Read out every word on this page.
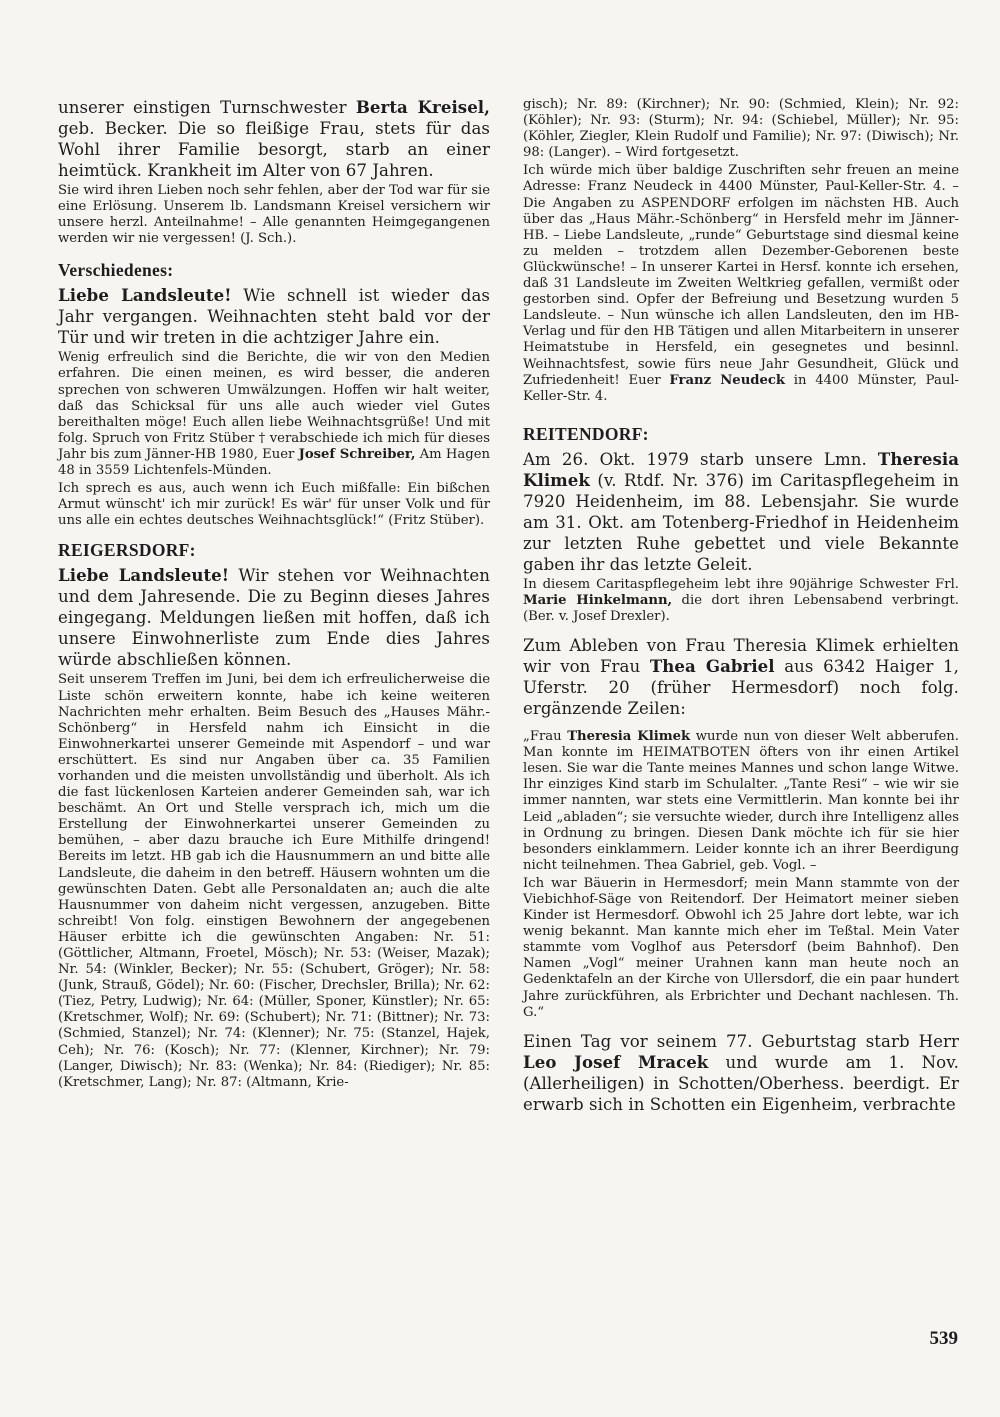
unserer einstigen Turnschwester Berta Kreisel, geb. Becker. Die so fleißige Frau, stets für das Wohl ihrer Familie besorgt, starb an einer heimtück. Krankheit im Alter von 67 Jahren.

Sie wird ihren Lieben noch sehr fehlen, aber der Tod war für sie eine Erlösung. Unserem lb. Landsmann Kreisel versichern wir unsere herzl. Anteilnahme! – Alle genannten Heimgegangenen werden wir nie vergessen! (J. Sch.).

Verschiedenes:

Liebe Landsleute! Wie schnell ist wieder das Jahr vergangen. Weihnachten steht bald vor der Tür und wir treten in die achtziger Jahre ein.

Wenig erfreulich sind die Berichte, die wir von den Medien erfahren. Die einen meinen, es wird besser, die anderen sprechen von schweren Umwälzungen. Hoffen wir halt weiter, daß das Schicksal für uns alle auch wieder viel Gutes bereithalten möge! Euch allen liebe Weihnachtsgrüße! Und mit folg. Spruch von Fritz Stüber † verabschiede ich mich für dieses Jahr bis zum Jänner-HB 1980, Euer Josef Schreiber, Am Hagen 48 in 3559 Lichtenfels-Münden.

Ich sprech es aus, auch wenn ich Euch mißfalle: Ein bißchen Armut wünscht' ich mir zurück! Es wär' für unser Volk und für uns alle ein echtes deutsches Weihnachtsglück!“ (Fritz Stüber).

REIGERSDORF:

Liebe Landsleute! Wir stehen vor Weihnachten und dem Jahresende. Die zu Beginn dieses Jahres eingegang. Meldungen ließen mit hoffen, daß ich unsere Einwohnerliste zum Ende dies Jahres würde abschließen können.

Seit unserem Treffen im Juni, bei dem ich erfreulicherweise die Liste schön erweitern konnte, habe ich keine weiteren Nachrichten mehr erhalten. Beim Besuch des „Hauses Mähr.-Schönberg“ in Hersfeld nahm ich Einsicht in die Einwohnerkartei unserer Gemeinde mit Aspendorf – und war erschüttert. Es sind nur Angaben über ca. 35 Familien vorhanden und die meisten unvollständig und überholt. Als ich die fast lückenlosen Karteien anderer Gemeinden sah, war ich beschämt. An Ort und Stelle versprach ich, mich um die Erstellung der Einwohnerkartei unserer Gemeinden zu bemühen, – aber dazu brauche ich Eure Mithilfe dringend! Bereits im letzt. HB gab ich die Hausnummern an und bitte alle Landsleute, die daheim in den betreff. Häusern wohnten um die gewünschten Daten. Gebt alle Personaldaten an; auch die alte Hausnummer von daheim nicht vergessen, anzugeben. Bitte schreibt! Von folg. einstigen Bewohnern der angegebenen Häuser erbitte ich die gewünschten Angaben: Nr. 51: (Göttlicher, Altmann, Froetel, Mösch); Nr. 53: (Weiser, Mazak); Nr. 54: (Winkler, Becker); Nr. 55: (Schubert, Gröger); Nr. 58: (Junk, Strauß, Gödel); Nr. 60: (Fischer, Drechsler, Brilla); Nr. 62: (Tiez, Petry, Ludwig); Nr. 64: (Müller, Sponer, Künstler); Nr. 65: (Kretschmer, Wolf); Nr. 69: (Schubert); Nr. 71: (Bittner); Nr. 73: (Schmied, Stanzel); Nr. 74: (Klenner); Nr. 75: (Stanzel, Hajek, Ceh); Nr. 76: (Kosch); Nr. 77: (Klenner, Kirchner); Nr. 79: (Langer, Diwisch); Nr. 83: (Wenka); Nr. 84: (Riediger); Nr. 85: (Kretschmer, Lang); Nr. 87: (Altmann, Krie-

gisch); Nr. 89: (Kirchner); Nr. 90: (Schmied, Klein); Nr. 92: (Köhler); Nr. 93: (Sturm); Nr. 94: (Schiebel, Müller); Nr. 95: (Köhler, Ziegler, Klein Rudolf und Familie); Nr. 97: (Diwisch); Nr. 98: (Langer). – Wird fortgesetzt.

Ich würde mich über baldige Zuschriften sehr freuen an meine Adresse: Franz Neudeck in 4400 Münster, Paul-Keller-Str. 4. – Die Angaben zu ASPENDORF erfolgen im nächsten HB. Auch über das „Haus Mähr.-Schönberg“ in Hersfeld mehr im Jänner-HB. – Liebe Landsleute, „runde“ Geburtstage sind diesmal keine zu melden – trotzdem allen Dezember-Geborenen beste Glückwünsche! – In unserer Kartei in Hersf. konnte ich ersehen, daß 31 Landsleute im Zweiten Weltkrieg gefallen, vermißt oder gestorben sind. Opfer der Befreiung und Besetzung wurden 5 Landsleute. – Nun wünsche ich allen Landsleuten, den im HB-Verlag und für den HB Tätigen und allen Mitarbeitern in unserer Heimatstube in Hersfeld, ein gesegnetes und besinnl. Weihnachtsfest, sowie fürs neue Jahr Gesundheit, Glück und Zufriedenheit! Euer Franz Neudeck in 4400 Münster, Paul-Keller-Str. 4.

REITENDORF:

Am 26. Okt. 1979 starb unsere Lmn. Theresia Klimek (v. Rtdf. Nr. 376) im Caritaspflegeheim in 7920 Heidenheim, im 88. Lebensjahr. Sie wurde am 31. Okt. am Totenberg-Friedhof in Heidenheim zur letzten Ruhe gebettet und viele Bekannte gaben ihr das letzte Geleit.

In diesem Caritaspflegeheim lebt ihre 90jährige Schwester Frl. Marie Hinkelmann, die dort ihren Lebensabend verbringt. (Ber. v. Josef Drexler).

Zum Ableben von Frau Theresia Klimek erhielten wir von Frau Thea Gabriel aus 6342 Haiger 1, Uferstr. 20 (früher Hermesdorf) noch folg. ergänzende Zeilen:

„Frau Theresia Klimek wurde nun von dieser Welt abberufen. Man konnte im HEIMATBOTEN öfters von ihr einen Artikel lesen. Sie war die Tante meines Mannes und schon lange Witwe. Ihr einziges Kind starb im Schulalter. „Tante Resi“ – wie wir sie immer nannten, war stets eine Vermittlerin. Man konnte bei ihr Leid „abladen“; sie versuchte wieder, durch ihre Intelligenz alles in Ordnung zu bringen. Diesen Dank möchte ich für sie hier besonders einklammern. Leider konnte ich an ihrer Beerdigung nicht teilnehmen. Thea Gabriel, geb. Vogl. –

Ich war Bäuerin in Hermesdorf; mein Mann stammte von der Viebichhof-Säge von Reitendorf. Der Heimatort meiner sieben Kinder ist Hermesdorf. Obwohl ich 25 Jahre dort lebte, war ich wenig bekannt. Man kannte mich eher im Teßtal. Mein Vater stammte vom Voglhof aus Petersdorf (beim Bahnhof). Den Namen „Vogl“ meiner Urahnen kann man heute noch an Gedenktafeln an der Kirche von Ullersdorf, die ein paar hundert Jahre zurückführen, als Erbrichter und Dechant nachlesen. Th. G.“

Einen Tag vor seinem 77. Geburtstag starb Herr Leo Josef Mracek und wurde am 1. Nov. (Allerheiligen) in Schotten/Oberhess. beerdigt. Er erwarb sich in Schotten ein Eigenheim, verbrachte

539
